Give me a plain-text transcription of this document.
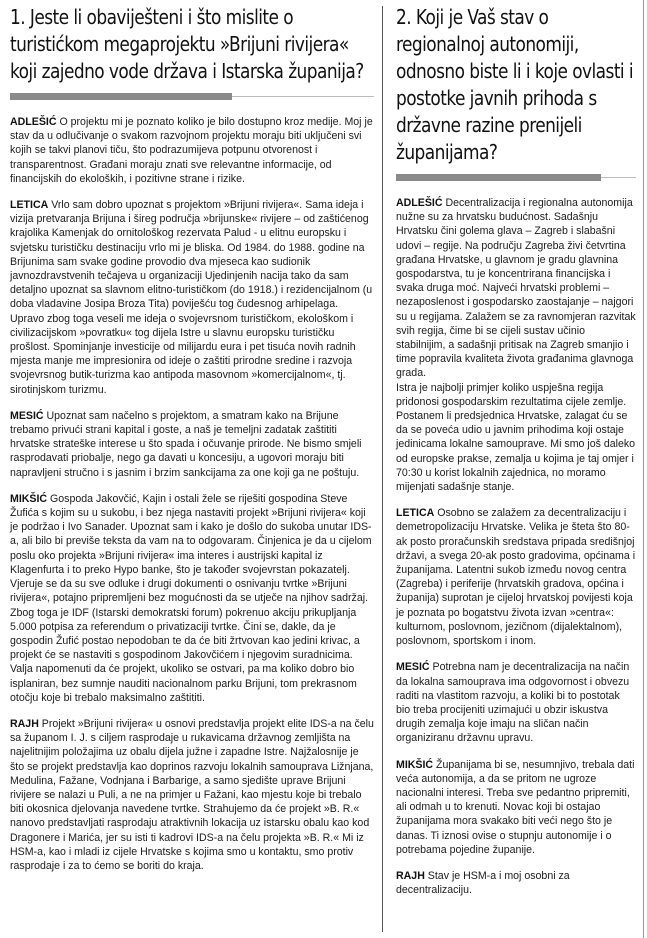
1. Jeste li obaviješteni i što mislite o turistićkom megaprojektu »Brijuni rivijera« koji zajedno vode država i Istarska županija?

ADLEŠIĆ O projektu mi je poznato koliko je bilo dostupno kroz medije. Moj je stav da u odlučivanje o svakom razvojnom projektu moraju biti uključeni svi kojih se takvi planovi tiču, što podrazumijeva potpunu otvorenost i transparentnost. Građani moraju znati sve relevantne informacije, od financijskih do ekoloških, i pozitivne strane i rizike.

LETICA Vrlo sam dobro upoznat s projektom »Brijuni rivijera«. Sama ideja i vizija pretvaranja Brijuna i šireg područja »brijunske« rivijere – od zaštićenog krajolika Kamenjak do ornitološkog rezervata Palud - u elitnu europsku i svjetsku turističku destinaciju vrlo mi je bliska. Od 1984. do 1988. godine na Brijunima sam svake godine provodio dva mjeseca kao sudionik javnozdravstvenih tečajeva u organizaciji Ujedinjenih nacija tako da sam detaljno upoznat sa slavnom elitno-turističkom (do 1918.) i rezidencijalnom (u doba vladavine Josipa Broza Tita) poviješću tog čudesnog arhipelaga.

Upravo zbog toga veseli me ideja o svojevrsnom turističkom, ekološkom i civilizacijskom »povratku« tog dijela Istre u slavnu europsku turističku prošlost. Spominjanje investicije od milijardu eura i pet tisuća novih radnih mjesta manje me impresionira od ideje o zaštiti prirodne sredine i razvoja svojevrsnog butik-turizma kao antipoda masovnom »komercijalnom«, tj. sirotinjskom turizmu.

MESIĆ Upoznat sam načelno s projektom, a smatram kako na Brijune trebamo privući strani kapital i goste, a naš je temeljni zadatak zaštititi hrvatske strateške interese u što spada i očuvanje prirode. Ne bismo smjeli rasprodavati priobalje, nego ga davati u koncesiju, a ugovori moraju biti napravljeni stručno i s jasnim i brzim sankcijama za one koji ga ne poštuju.

MIKŠIĆ Gospoda Jakovčić, Kajin i ostali žele se riješiti gospodina Steve Žufića s kojim su u sukobu, i bez njega nastaviti projekt »Brijuni rivijera« koji je podržao i Ivo Sanader. Upoznat sam i kako je došlo do sukoba unutar IDS-a, ali bilo bi previše teksta da vam na to odgovaram. Činjenica je da u cijelom poslu oko projekta »Brijuni rivijera« ima interes i austrijski kapital iz Klagenfurta i to preko Hypo banke, što je također svojevrstan pokazatelj. Vjeruje se da su sve odluke i drugi dokumenti o osnivanju tvrtke »Brijuni rivijera«, potajno pripremljeni bez mogućnosti da se utječe na njihov sadržaj.

Zbog toga je IDF (Istarski demokratski forum) pokrenuo akciju prikupljanja 5.000 potpisa za referendum o privatizaciji tvrtke. Čini se, dakle, da je gospodin Žufić postao nepodoban te da će biti žrtvovan kao jedini krivac, a projekt će se nastaviti s gospodinom Jakovčićem i njegovim suradnicima.

Valja napomenuti da će projekt, ukoliko se ostvari, pa ma koliko dobro bio isplaniran, bez sumnje nauditi nacionalnom parku Brijuni, tom prekrasnom otočju koje bi trebalo maksimalno zaštititi.

RAJH Projekt »Brijuni rivijera« u osnovi predstavlja projekt elite IDS-a na čelu sa županom I. J. s ciljem rasprodaje u rukavicama državnog zemljišta na najelitnijim položajima uz obalu dijela južne i zapadne Istre. Najžalosnije je što se projekt predstavlja kao doprinos razvoju lokalnih samouprava Ližnjana, Medulina, Fažane, Vodnjana i Barbarige, a samo sjedište uprave Brijuni rivijere se nalazi u Puli, a ne na primjer u Fažani, kao mjestu koje bi trebalo biti okosnica djelovanja navedene tvrtke. Strahujemo da će projekt »B. R.« nanovo predstavljati rasprodaju atraktivnih lokacija uz istarsku obalu kao kod Dragonere i Marića, jer su isti ti kadrovi IDS-a na čelu projekta »B. R.« Mi iz HSM-a, kao i mladi iz cijele Hrvatske s kojima smo u kontaktu, smo protiv rasprodaje i za to ćemo se boriti do kraja.

2. Koji je Vaš stav o regionalnoj autonomiji, odnosno biste li i koje ovlasti i postotke javnih prihoda s državne razine prenijeli županijama?

ADLEŠIĆ Decentralizacija i regionalna autonomija nužne su za hrvatsku budućnost. Sadašnju Hrvatsku čini golema glava – Zagreb i slabašni udovi – regije. Na području Zagreba živi četvrtina građana Hrvatske, u glavnom je gradu glavnina gospodarstva, tu je koncentrirana financijska i svaka druga moć. Najveći hrvatski problemi – nezaposlenost i gospodarsko zaostajanje – najgori su u regijama. Zalažem se za ravnomjeran razvitak svih regija, čime bi se cijeli sustav učinio stabilnijim, a sadašnji pritisak na Zagreb smanjio i time popravila kvaliteta života građanima glavnoga grada.

Istra je najbolji primjer koliko uspješna regija pridonosi gospodarskim rezultatima cijele zemlje.

Postanem li predsjednica Hrvatske, zalagat ću se da se poveća udio u javnim prihodima koji ostaje jedinicama lokalne samouprave. Mi smo još daleko od europske prakse, zemalja u kojima je taj omjer i 70:30 u korist lokalnih zajednica, no moramo mijenjati sadašnje stanje.

LETICA Osobno se zalažem za decentralizaciju i demetropolizaciju Hrvatske. Velika je šteta što 80-ak posto proračunskih sredstava pripada središnjoj državi, a svega 20-ak posto gradovima, općinama i županijama. Latentni sukob između novog centra (Zagreba) i periferije (hrvatskih gradova, općina i županija) suprotan je cijeloj hrvatskoj povijesti koja je poznata po bogatstvu života izvan »centra«: kulturnom, poslovnom, jezičnom (dijalektalnom), poslovnom, sportskom i inom.

MESIĆ Potrebna nam je decentralizacija na način da lokalna samouprava ima odgovornost i obvezu raditi na vlastitom razvoju, a koliki bi to postotak bio treba procijeniti uzimajući u obzir iskustva drugih zemalja koje imaju na sličan način organiziranu državnu upravu.

MIKŠIĆ Županijama bi se, nesumnjivo, trebala dati veća autonomija, a da se pritom ne ugroze nacionalni interesi. Treba sve pedantno pripremiti, ali odmah u to krenuti. Novac koji bi ostajao županijama mora svakako biti veći nego što je danas. Ti iznosi ovise o stupnju autonomije i o potrebama pojedine županije.

RAJH Stav je HSM-a i moj osobni za decentralizaciju.
